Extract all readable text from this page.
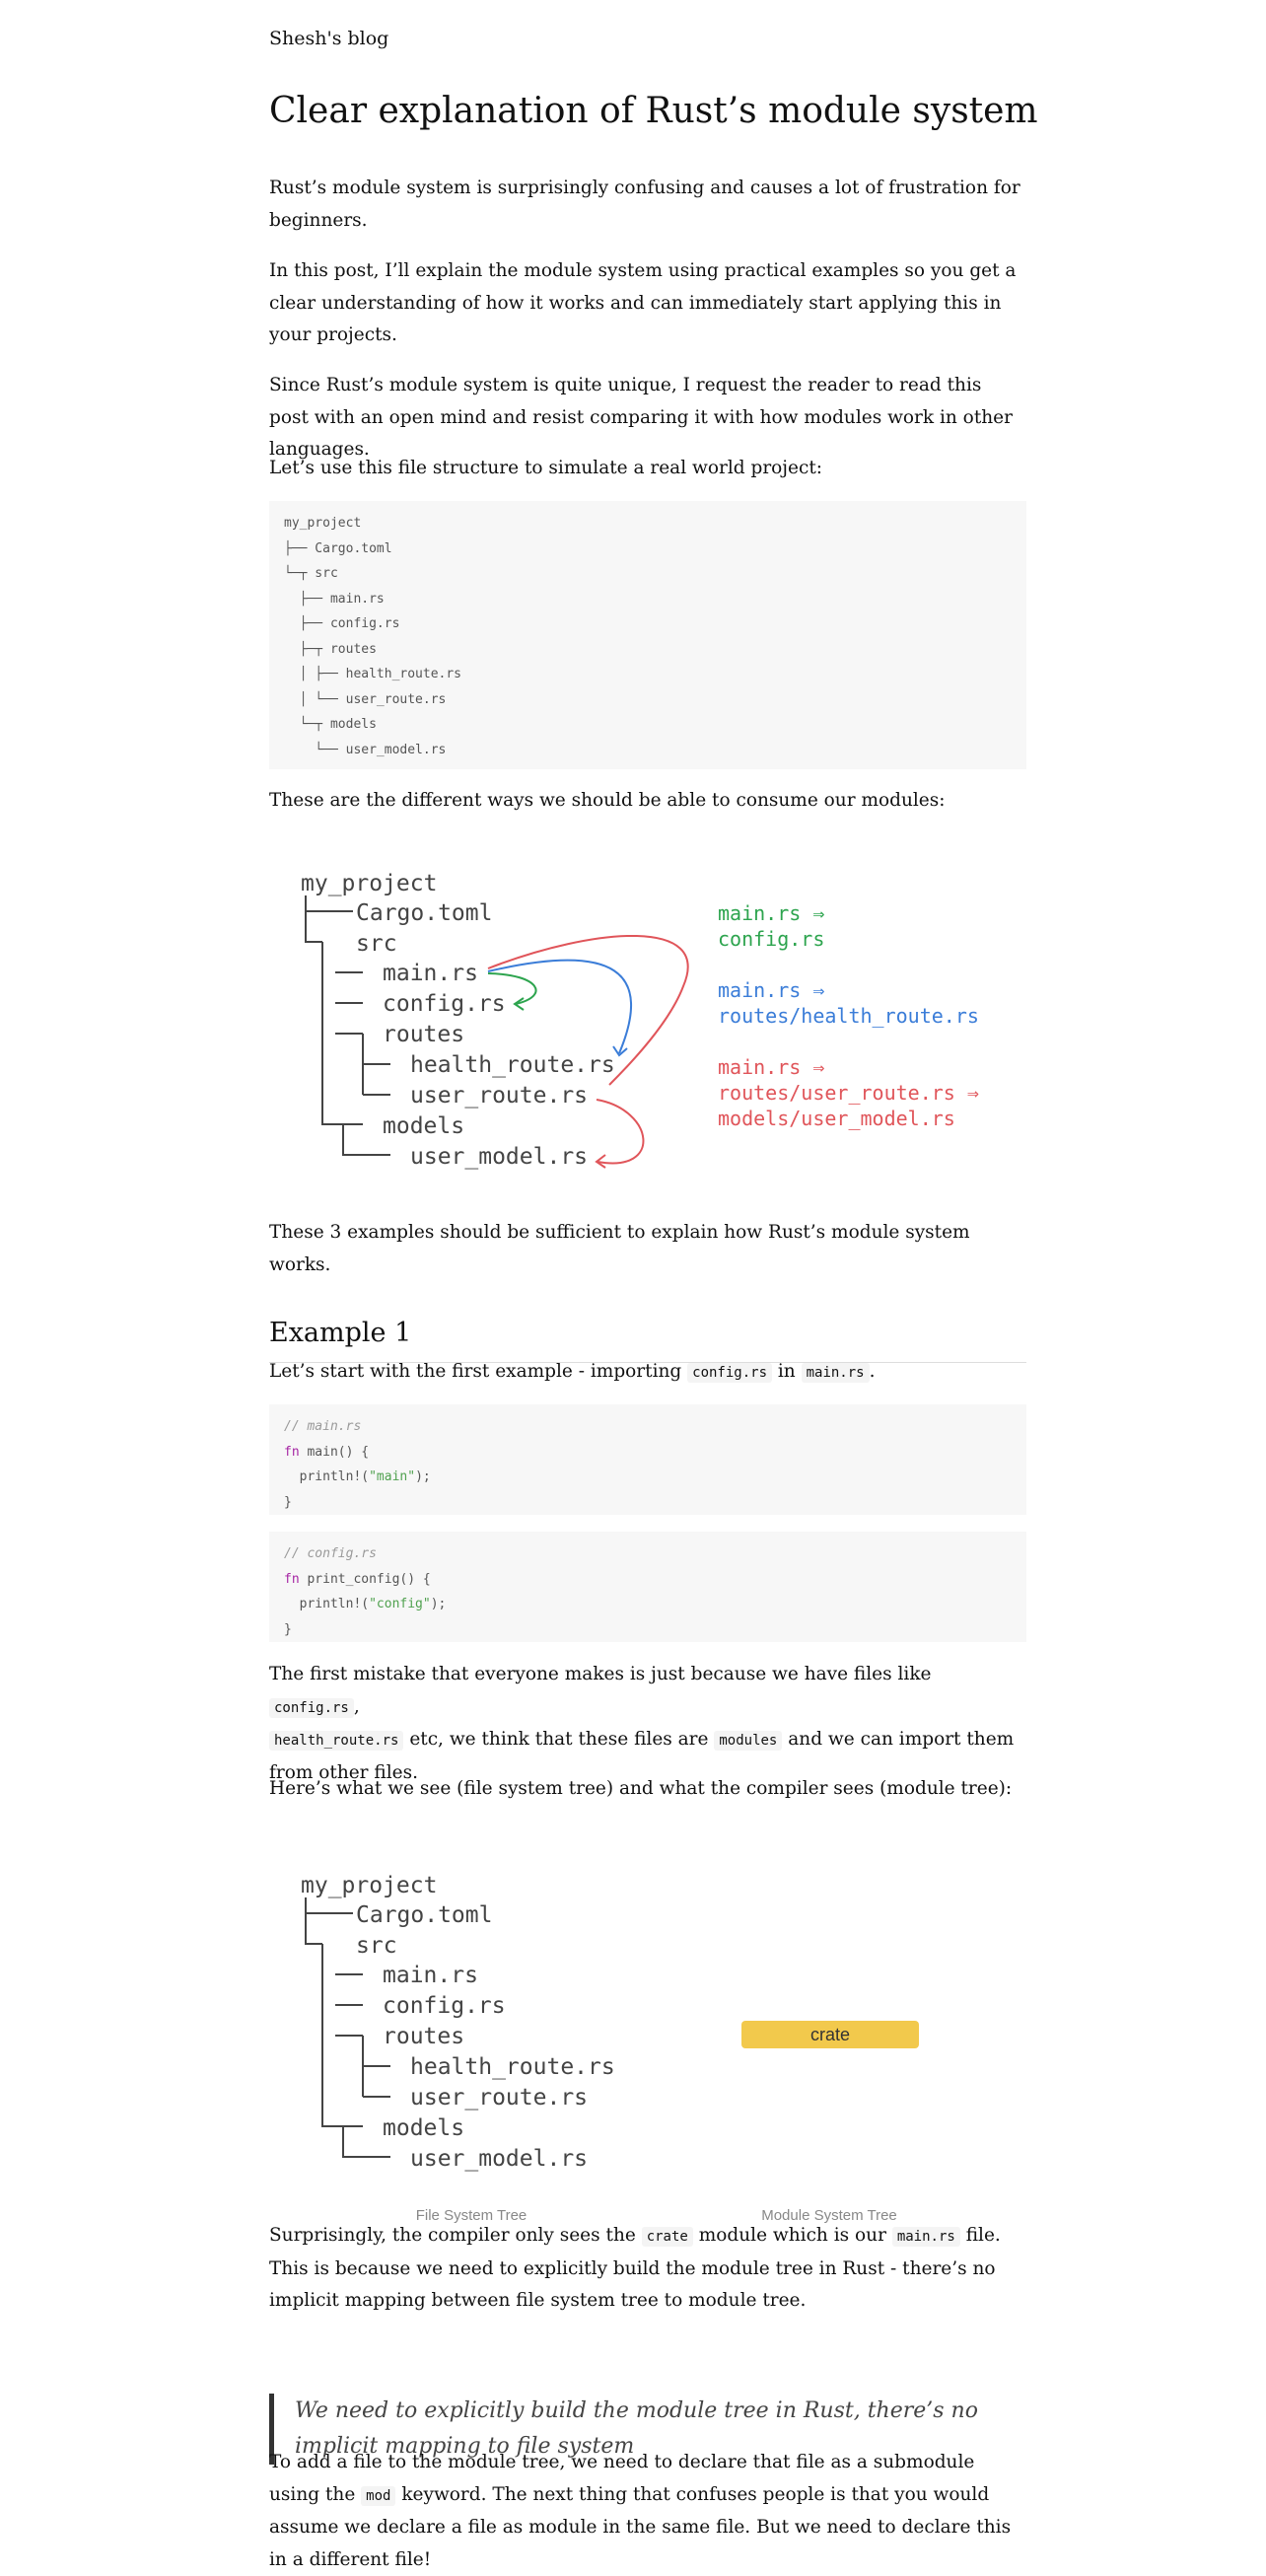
Shesh's blog
Clear explanation of Rust’s module system
Rust’s module system is surprisingly confusing and causes a lot of frustration for beginners.
In this post, I’ll explain the module system using practical examples so you get a clear understanding of how it works and can immediately start applying this in your projects.
Since Rust’s module system is quite unique, I request the reader to read this post with an open mind and resist comparing it with how modules work in other languages.
Let’s use this file structure to simulate a real world project:
my_project
├── Cargo.toml
└─┬ src
├── main.rs
├── config.rs
├─┬ routes
│ ├── health_route.rs
│ └── user_route.rs
└─┬ models
└── user_model.rs
These are the different ways we should be able to consume our modules:
my_project
Cargo.toml
src
main.rs
config.rs
routes
health_route.rs
user_route.rs
models
user_model.rs
main.rs ⇒
config.rs
main.rs ⇒
routes/health_route.rs
main.rs ⇒
routes/user_route.rs ⇒
models/user_model.rs
These 3 examples should be sufficient to explain how Rust’s module system works.
Example 1
Let’s start with the first example - importing config.rs in main.rs .
// main.rs
fn main() {
println!("main");
}
// config.rs
fn print_config() {
println!("config");
}
The first mistake that everyone makes is just because we have files like config.rs ,
health_route.rs etc, we think that these files are modules and we can import them from other files.
Here’s what we see (file system tree) and what the compiler sees (module tree):
my_project
Cargo.toml
src
main.rs
config.rs
routes
health_route.rs
user_route.rs
models
user_model.rs
crate
File System Tree	Module System Tree
Surprisingly, the compiler only sees the crate module which is our main.rs file. This is because we need to explicitly build the module tree in Rust - there’s no implicit mapping between file system tree to module tree.
We need to explicitly build the module tree in Rust, there’s no implicit mapping to file system
To add a file to the module tree, we need to declare that file as a submodule using the mod keyword. The next thing that confuses people is that you would assume we declare a file as module in the same file. But we need to declare this in a different file!
